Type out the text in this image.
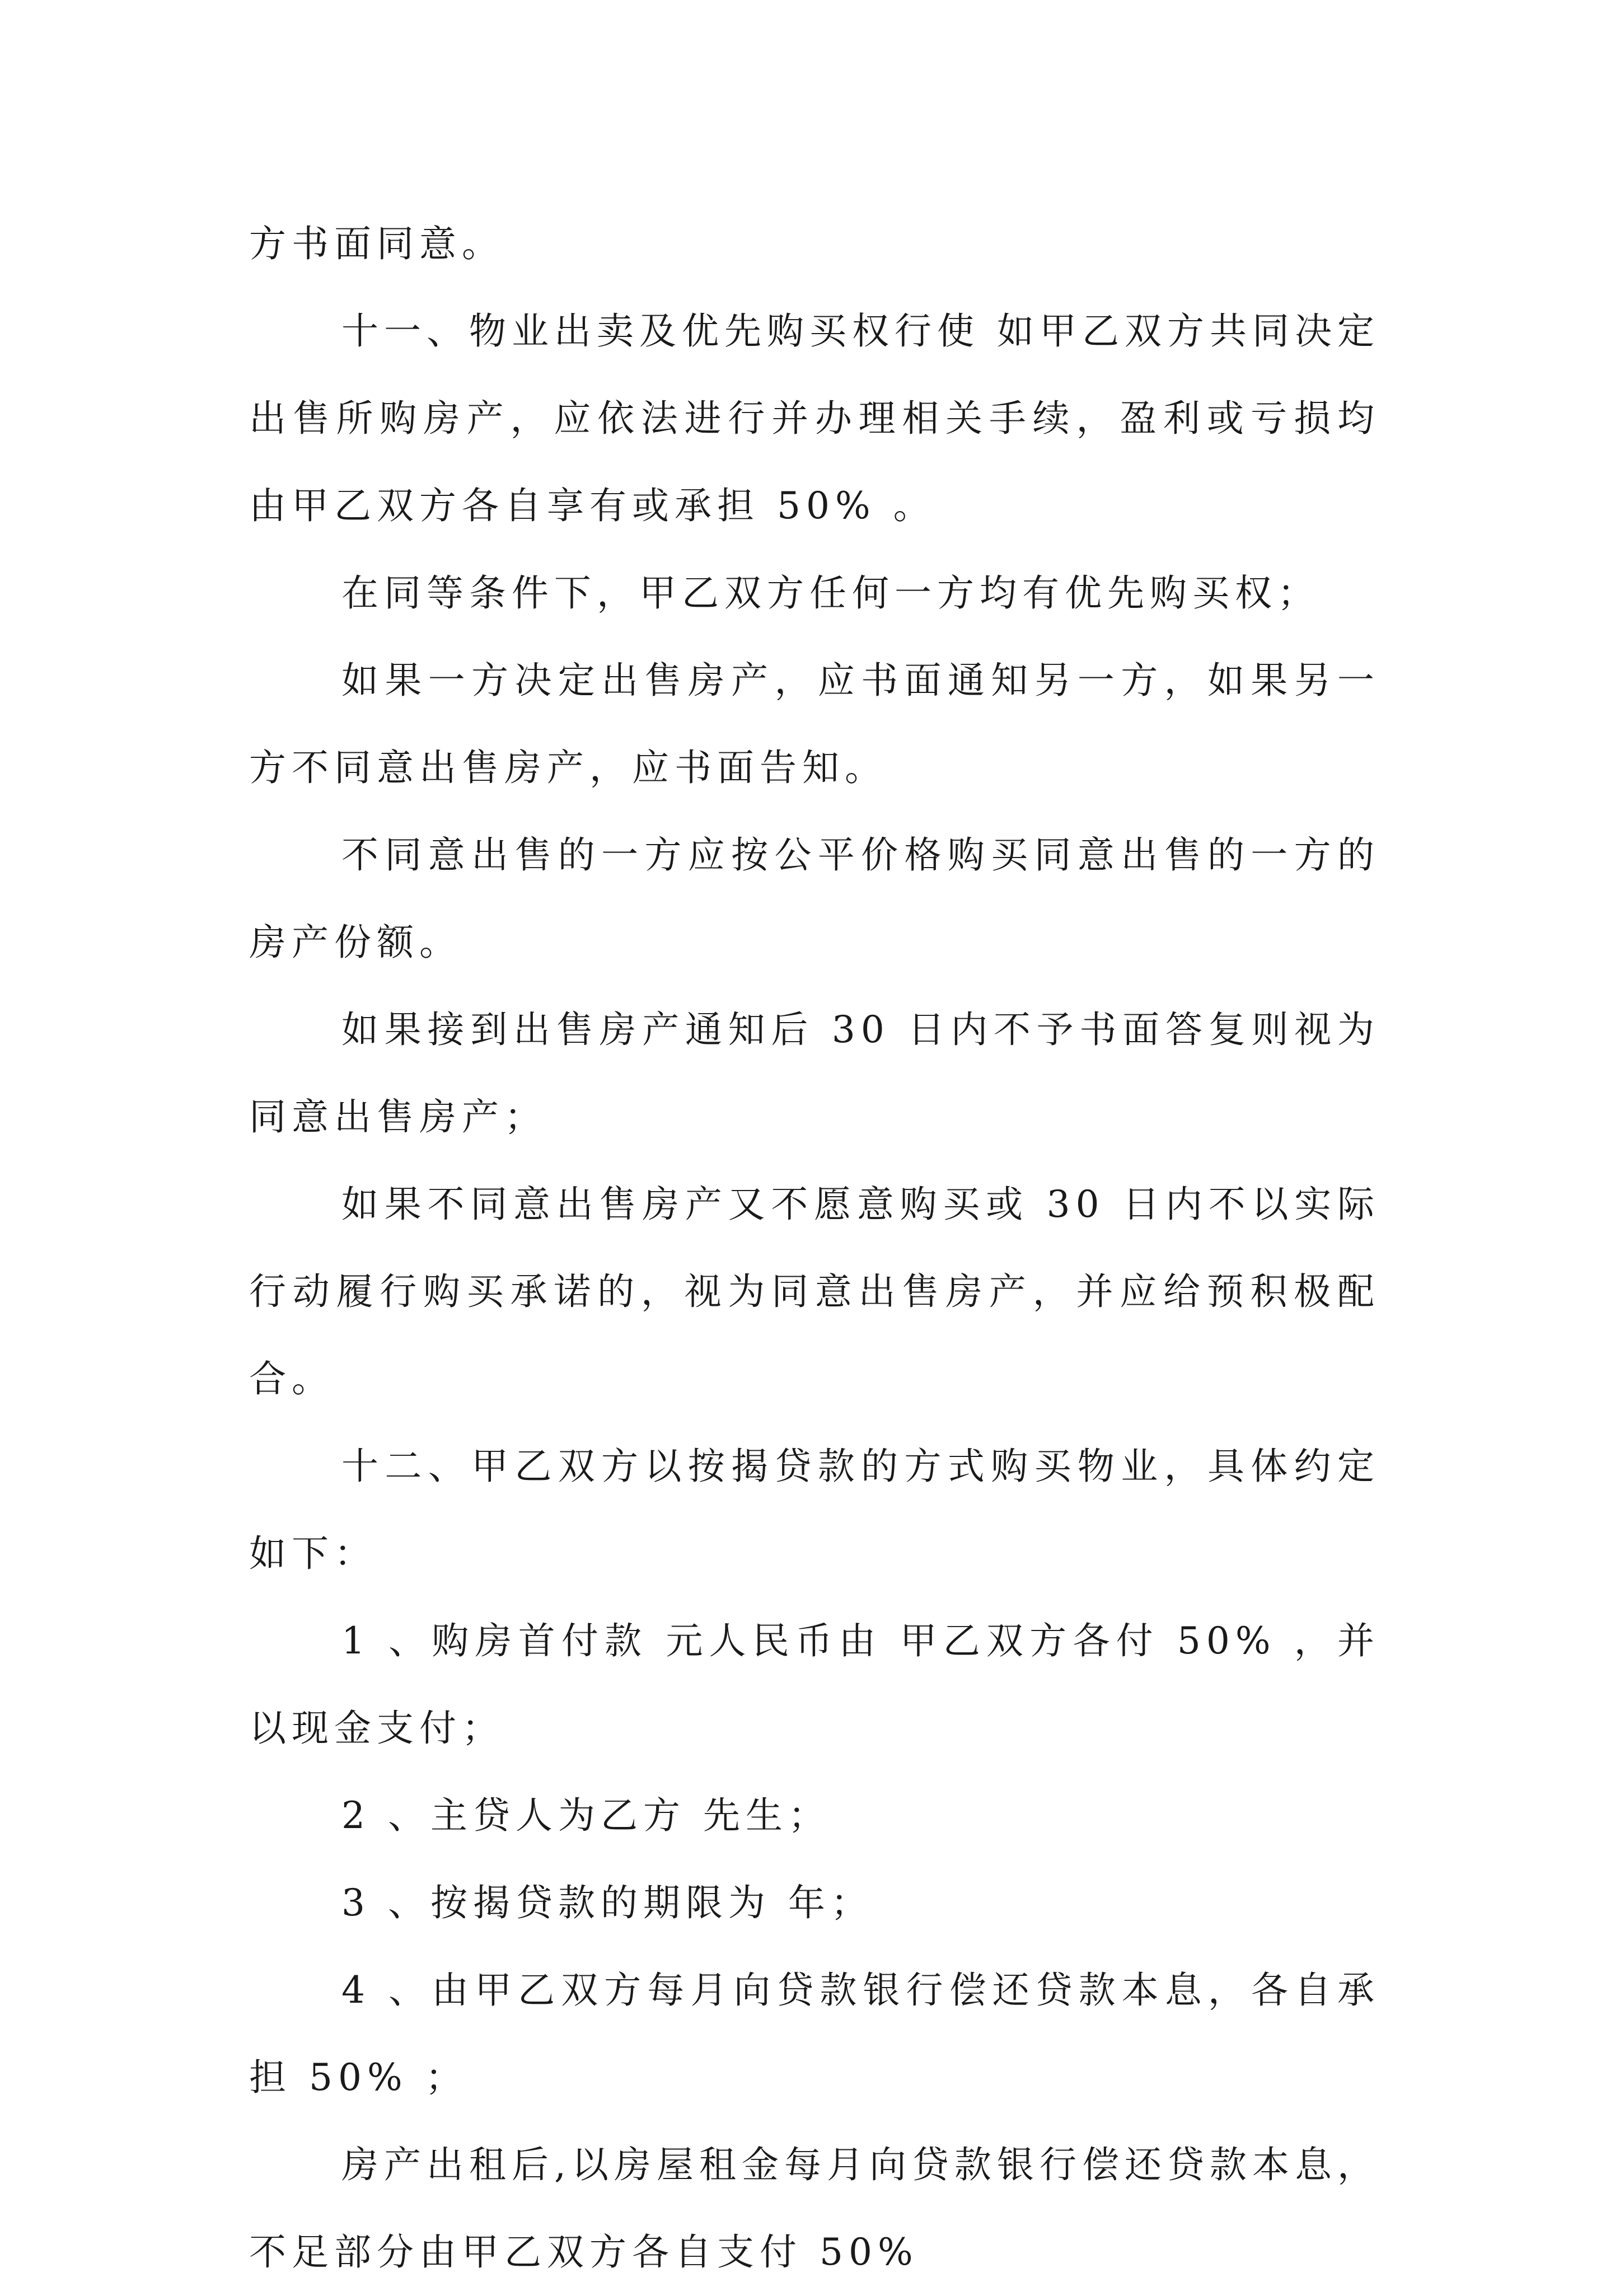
方书面同意。

十一、物业出卖及优先购买权行使 如甲乙双方共同决定出售所购房产，应依法进行并办理相关手续，盈利或亏损均由甲乙双方各自享有或承担 50% 。

在同等条件下，甲乙双方任何一方均有优先购买权；

如果一方决定出售房产，应书面通知另一方，如果另一方不同意出售房产，应书面告知。

不同意出售的一方应按公平价格购买同意出售的一方的房产份额。

如果接到出售房产通知后 30 日内不予书面答复则视为同意出售房产；

如果不同意出售房产又不愿意购买或 30 日内不以实际行动履行购买承诺的，视为同意出售房产，并应给预积极配合。

十二、甲乙双方以按揭贷款的方式购买物业，具体约定如下：

1 、购房首付款 元人民币由 甲乙双方各付 50% ，并以现金支付；

2 、主贷人为乙方 先生；

3 、按揭贷款的期限为 年；

4 、由甲乙双方每月向贷款银行偿还贷款本息，各自承担 50% ；

房产出租后,以房屋租金每月向贷款银行偿还贷款本息，不足部分由甲乙双方各自支付 50%
